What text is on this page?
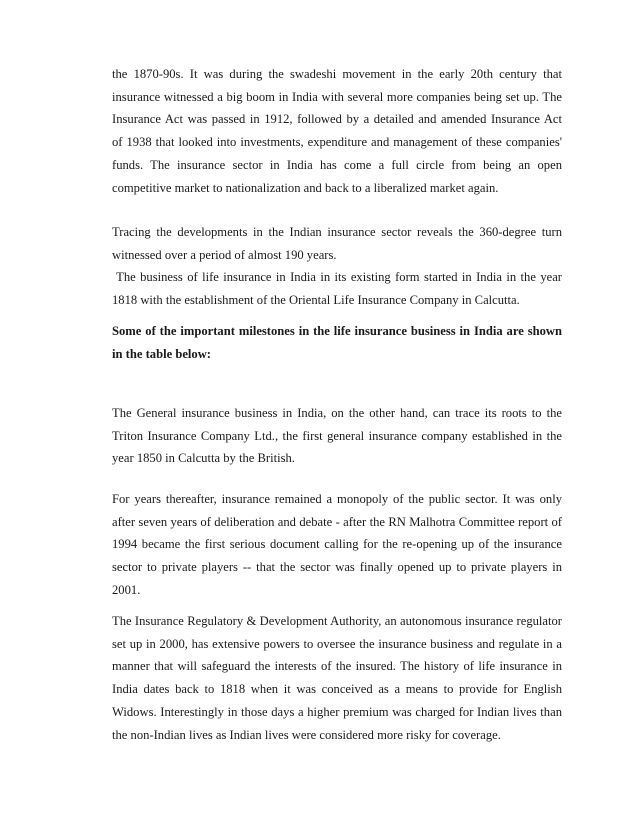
the 1870-90s. It was during the swadeshi movement in the early 20th century that
insurance witnessed a big boom in India with several more companies being set up. The
Insurance Act was passed in 1912, followed by a detailed and amended Insurance Act
of 1938 that looked into investments, expenditure and management of these companies'
funds. The insurance sector in India has come a full circle from being an open
competitive market to nationalization and back to a liberalized market again.

Tracing the developments in the Indian insurance sector reveals the 360-degree turn
witnessed over a period of almost 190 years.
The business of life insurance in India in its existing form started in India in the year
1818 with the establishment of the Oriental Life Insurance Company in Calcutta.

Some of the important milestones in the life insurance business in India are shown
in the table below:

The General insurance business in India, on the other hand, can trace its roots to the
Triton Insurance Company Ltd., the first general insurance company established in the
year 1850 in Calcutta by the British.

For years thereafter, insurance remained a monopoly of the public sector. It was only
after seven years of deliberation and debate - after the RN Malhotra Committee report of
1994 became the first serious document calling for the re-opening up of the insurance
sector to private players -- that the sector was finally opened up to private players in
2001.

The Insurance Regulatory & Development Authority, an autonomous insurance regulator
set up in 2000, has extensive powers to oversee the insurance business and regulate in a
manner that will safeguard the interests of the insured. The history of life insurance in
India dates back to 1818 when it was conceived as a means to provide for English
Widows. Interestingly in those days a higher premium was charged for Indian lives than
the non-Indian lives as Indian lives were considered more risky for coverage.
